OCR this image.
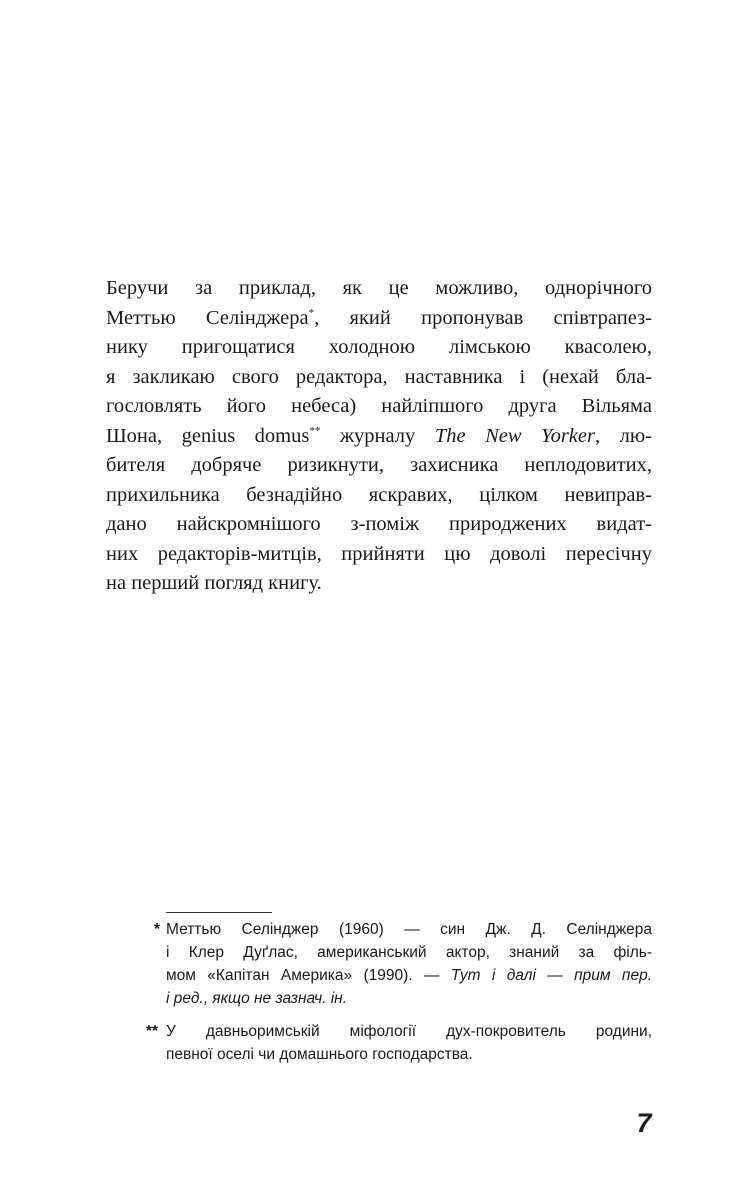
Беручи за приклад, як це можливо, однорічного
Меттью Селінджера*, який пропонував співтрапез-
нику пригощатися холодною лімською квасолею,
я закликаю свого редактора, наставника і (нехай бла-
гословлять його небеса) найліпшого друга Вільяма
Шона, genius domus** журналу The New Yorker, лю-
бителя добряче ризикнути, захисника неплодовитих,
прихильника безнадійно яскравих, цілком невиправ-
дано найскромнішого з-поміж природжених видат-
них редакторів-митців, прийняти цю доволі пересічну
на перший погляд книгу.
* Меттью Селінджер (1960) — син Дж. Д. Селінджера
і Клер Дуґлас, американський актор, знаний за філь-
мом «Капітан Америка» (1990). — Тут і далі — прим пер.
і ред., якщо не зазнач. ін.
** У давньоримській міфології дух-покровитель родини,
певної оселі чи домашнього господарства.
7
